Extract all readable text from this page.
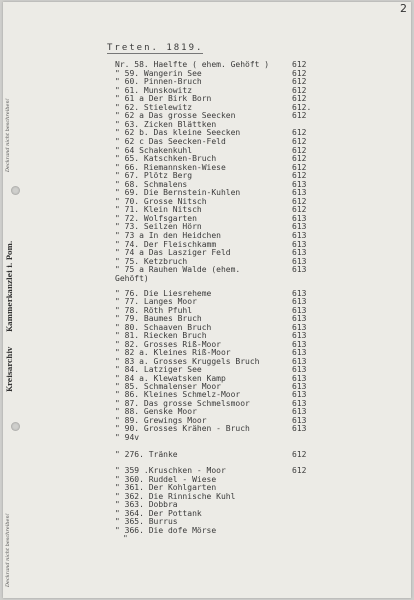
Deckrand nicht beschreiben!
Kammerkanzlei i. Pom.
Kreisarchiv
Deckrand nicht beschreiben!
2
Treten. 1819.
Nr. 58. Haelfte ( ehem. Gehöft )	612
" 59. Wangerin See	612
" 60. Pinnen-Bruch	612
" 61. Munskowitz	612
" 61 a Der Birk Born	612
" 62. Stielewitz	612.
" 62 a Das grosse Seecken	612
" 63. Zicken Blättken
" 62 b. Das kleine Seecken	612
" 62 c Das Seecken-Feld	612
" 64 Schakenkuhl	612
" 65. Katschken-Bruch	612
" 66. Riemannsken-Wiese	612
" 67. Plötz Berg	612
" 68. Schmalens	613
" 69. Die Bernstein-Kuhlen	613
" 70. Grosse Nitsch	612
" 71. Klein Nitsch	612
" 72. Wolfsgarten	613
" 73. Seilzen Hörn	613
" 73 a In den Heidchen	613
" 74. Der Fleischkamm	613
" 74 a Das Lasziger Feld	613
" 75. Ketzbruch	613
" 75 a Rauhen Walde (ehem.	613
Gehöft)
" 76. Die Liesreheme	613
" 77. Langes Moor	613
" 78. Röth Pfuhl	613
" 79. Baumes Bruch	613
" 80. Schaaven Bruch	613
" 81. Riecken Bruch	613
" 82. Grosses Riß-Moor	613
" 82 a. Kleines Riß-Moor	613
" 83 a. Grosses Kruggels Bruch	613
" 84. Latziger See	613
" 84 a. Klewatsken Kamp	613
" 85. Schmalenser Moor	613
" 86. Kleines Schmelz-Moor	613
" 87. Das grosse Schmelsmoor	613
" 88. Genske Moor	613
" 89. Grewings Moor	613
" 90. Grosses Krähen - Bruch	613
" 94v
" 276. Tränke	612
" 359 .Kruschken - Moor	612
" 360. Ruddel - Wiese
" 361. Der Kohlgarten
" 362. Die Rinnische Kuhl
" 363. Dobbra
" 364. Der Pottank
" 365. Burrus
" 366. Die dofe Mörse
"
